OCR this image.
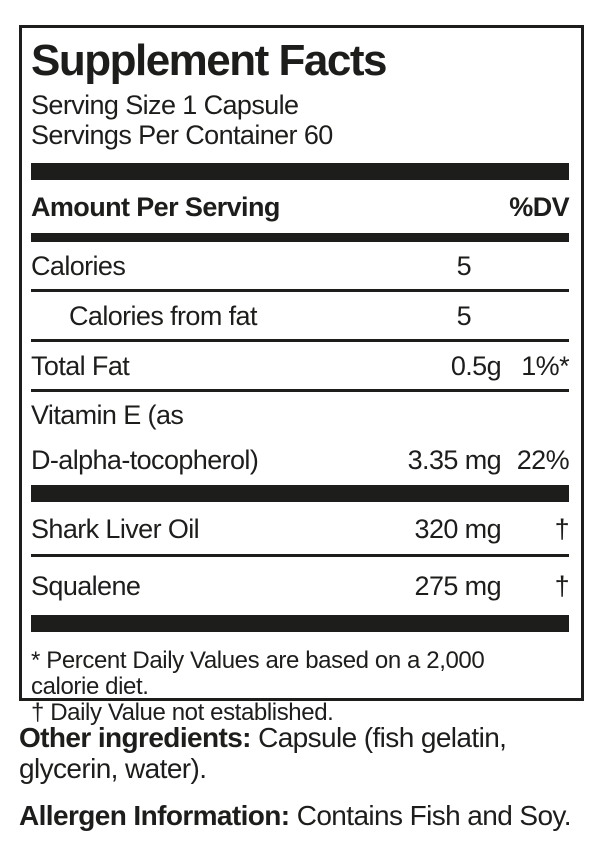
Supplement Facts
Serving Size 1 Capsule
Servings Per Container 60
Amount Per Serving	%DV
Calories	5
Calories from fat	5
Total Fat	0.5g 1%*
Vitamin E (as
D-alpha-tocopherol)	3.35 mg 22%
Shark Liver Oil	320 mg	†
Squalene	275 mg	†
* Percent Daily Values are based on a 2,000
calorie diet.
† Daily Value not established.
Other ingredients: Capsule (fish gelatin,
glycerin, water).
Allergen Information: Contains Fish and Soy.
